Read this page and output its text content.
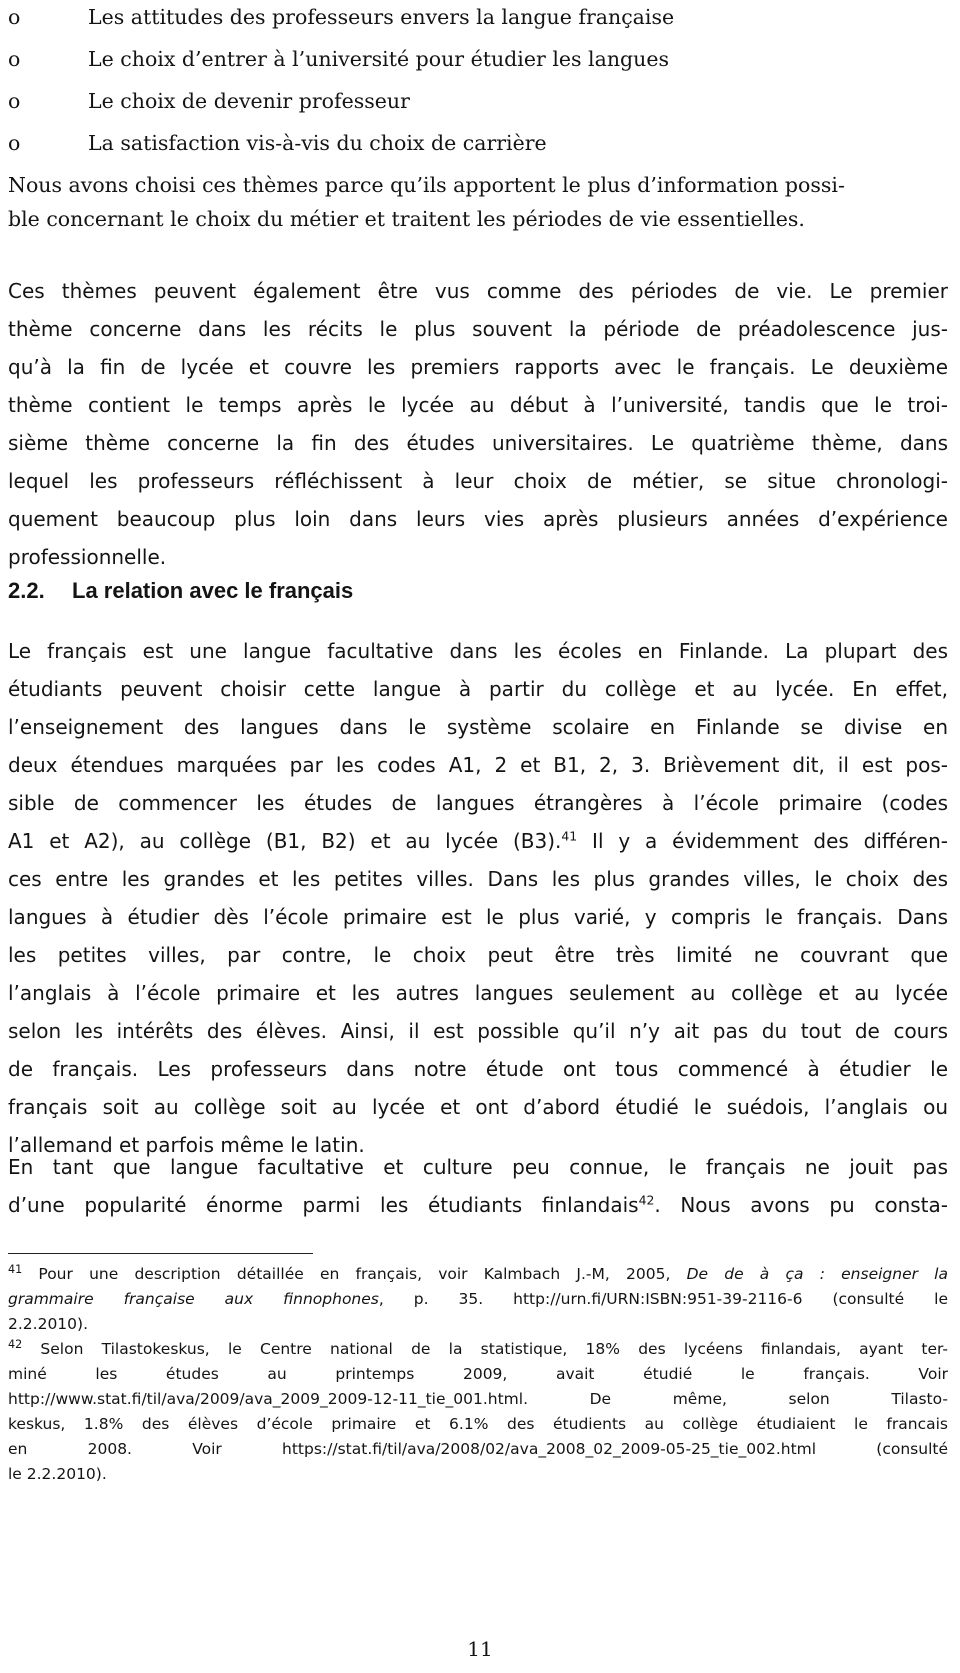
o	Les attitudes des professeurs envers la langue française
o	Le choix d’entrer à l’université pour étudier les langues
o	Le choix de devenir professeur
o	La satisfaction vis-à-vis du choix de carrière

Nous avons choisi ces thèmes parce qu’ils apportent le plus d’information possi-
ble concernant le choix du métier et traitent les périodes de vie essentielles.

Ces thèmes peuvent également être vus comme des périodes de vie. Le premier
thème concerne dans les récits le plus souvent la période de préadolescence jus-
qu’à la fin de lycée et couvre les premiers rapports avec le français. Le deuxième
thème contient le temps après le lycée au début à l’université, tandis que le troi-
sième thème concerne la fin des études universitaires. Le quatrième thème, dans
lequel les professeurs réfléchissent à leur choix de métier, se situe chronologi-
quement beaucoup plus loin dans leurs vies après plusieurs années d’expérience
professionnelle.

2.2. La relation avec le français

Le français est une langue facultative dans les écoles en Finlande. La plupart des
étudiants peuvent choisir cette langue à partir du collège et au lycée. En effet,
l’enseignement des langues dans le système scolaire en Finlande se divise en
deux étendues marquées par les codes A1, 2 et B1, 2, 3. Brièvement dit, il est pos-
sible de commencer les études de langues étrangères à l’école primaire (codes
A1 et A2), au collège (B1, B2) et au lycée (B3).$^{41}$ Il y a évidemment des différen-
ces entre les grandes et les petites villes. Dans les plus grandes villes, le choix des
langues à étudier dès l’école primaire est le plus varié, y compris le français. Dans
les petites villes, par contre, le choix peut être très limité ne couvrant que
l’anglais à l’école primaire et les autres langues seulement au collège et au lycée
selon les intérêts des élèves. Ainsi, il est possible qu’il n’y ait pas du tout de cours
de français. Les professeurs dans notre étude ont tous commencé à étudier le
français soit au collège soit au lycée et ont d’abord étudié le suédois, l’anglais ou
l’allemand et parfois même le latin.

En tant que langue facultative et culture peu connue, le français ne jouit pas
d’une popularité énorme parmi les étudiants finlandais$^{42}$. Nous avons pu consta-

$^{41}$ Pour une description détaillée en français, voir Kalmbach J.-M, 2005, De de à ça : enseigner la
grammaire française aux finnophones, p. 35. http://urn.fi/URN:ISBN:951-39-2116-6 (consulté le
2.2.2010).
$^{42}$ Selon Tilastokeskus, le Centre national de la statistique, 18% des lycéens finlandais, ayant ter-
miné les études au printemps 2009, avait étudié le français. Voir
http://www.stat.fi/til/ava/2009/ava_2009_2009-12-11_tie_001.html. De même, selon Tilasto-
keskus, 1.8% des élèves d’école primaire et 6.1% des étudients au collège étudiaient le francais
en 2008. Voir https://stat.fi/til/ava/2008/02/ava_2008_02_2009-05-25_tie_002.html (consulté
le 2.2.2010).
11
